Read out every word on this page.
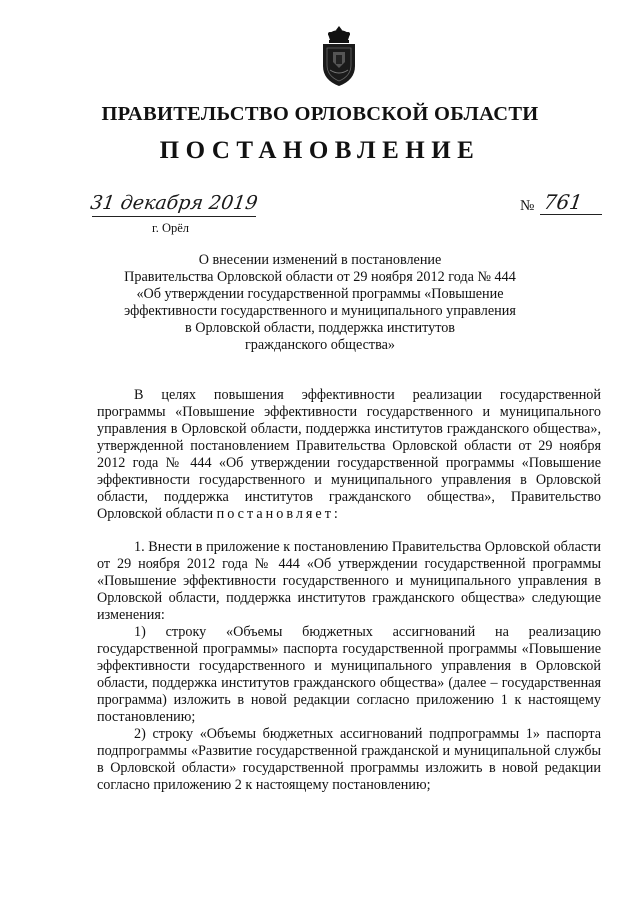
ПРАВИТЕЛЬСТВО ОРЛОВСКОЙ ОБЛАСТИ
ПОСТАНОВЛЕНИЕ
31 декабря 2019
г. Орёл
№ 761
О внесении изменений в постановление
Правительства Орловской области от 29 ноября 2012 года № 444
«Об утверждении государственной программы «Повышение
эффективности государственного и муниципального управления
в Орловской области, поддержка институтов
гражданского общества»

В целях повышения эффективности реализации государственной программы «Повышение эффективности государственного и муниципального управления в Орловской области, поддержка институтов гражданского общества», утвержденной постановлением Правительства Орловской области от 29 ноября 2012 года № 444 «Об утверждении государственной программы «Повышение эффективности государственного и муниципального управления в Орловской области, поддержка институтов гражданского общества», Правительство Орловской области постановляет:

1. Внести в приложение к постановлению Правительства Орловской области от 29 ноября 2012 года № 444 «Об утверждении государственной программы «Повышение эффективности государственного и муниципального управления в Орловской области, поддержка институтов гражданского общества» следующие изменения:

1) строку «Объемы бюджетных ассигнований на реализацию государственной программы» паспорта государственной программы «Повышение эффективности государственного и муниципального управления в Орловской области, поддержка институтов гражданского общества» (далее – государственная программа) изложить в новой редакции согласно приложению 1 к настоящему постановлению;

2) строку «Объемы бюджетных ассигнований подпрограммы 1» паспорта подпрограммы «Развитие государственной гражданской и муниципальной службы в Орловской области» государственной программы изложить в новой редакции согласно приложению 2 к настоящему постановлению;
